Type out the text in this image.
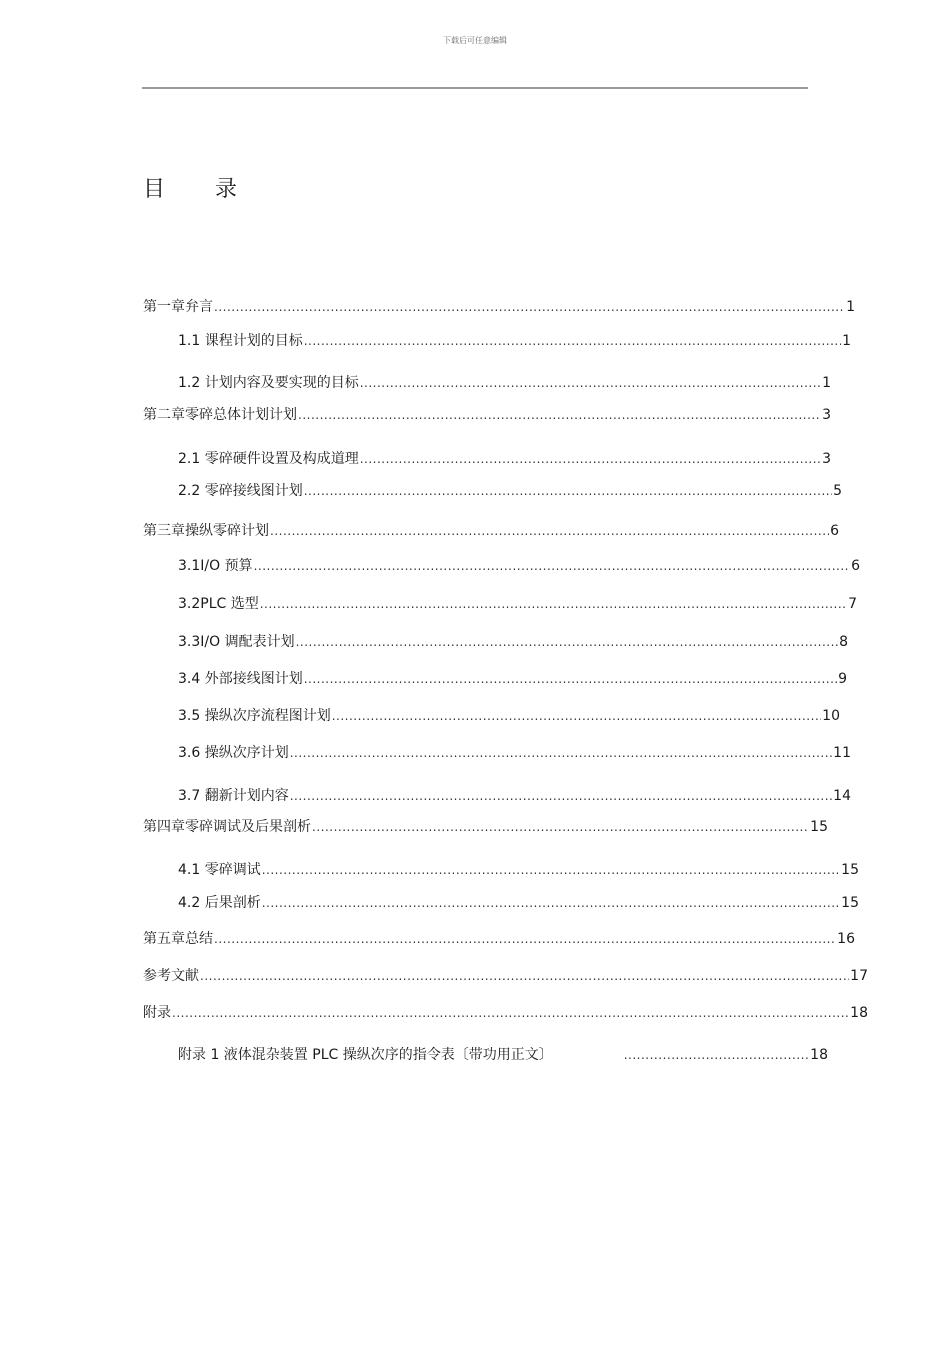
下载后可任意编辑
目 录
第一章弁言 .....	1
1.1 课程计划的目标 .....	1
1.2 计划内容及要实现的目标 .....	1
第二章零碎总体计划计划 .....	3
2.1 零碎硬件设置及构成道理 .....	3
2.2 零碎接线图计划 .....	5
第三章操纵零碎计划 .....	6
3.1I/O 预算 .....	6
3.2PLC 选型 .....	7
3.3I/O 调配表计划 .....	8
3.4 外部接线图计划 .....	9
3.5 操纵次序流程图计划 .....	10
3.6 操纵次序计划 .....	11
3.7 翻新计划内容 .....	14
第四章零碎调试及后果剖析 .....	15
4.1 零碎调试 .....	15
4.2 后果剖析 .....	15
第五章总结 .....	16
参考文献 .....	17
附录 .....	18
附录 1 液体混杂装置 PLC 操纵次序的指令表〔带功用正文〕 .....	18
